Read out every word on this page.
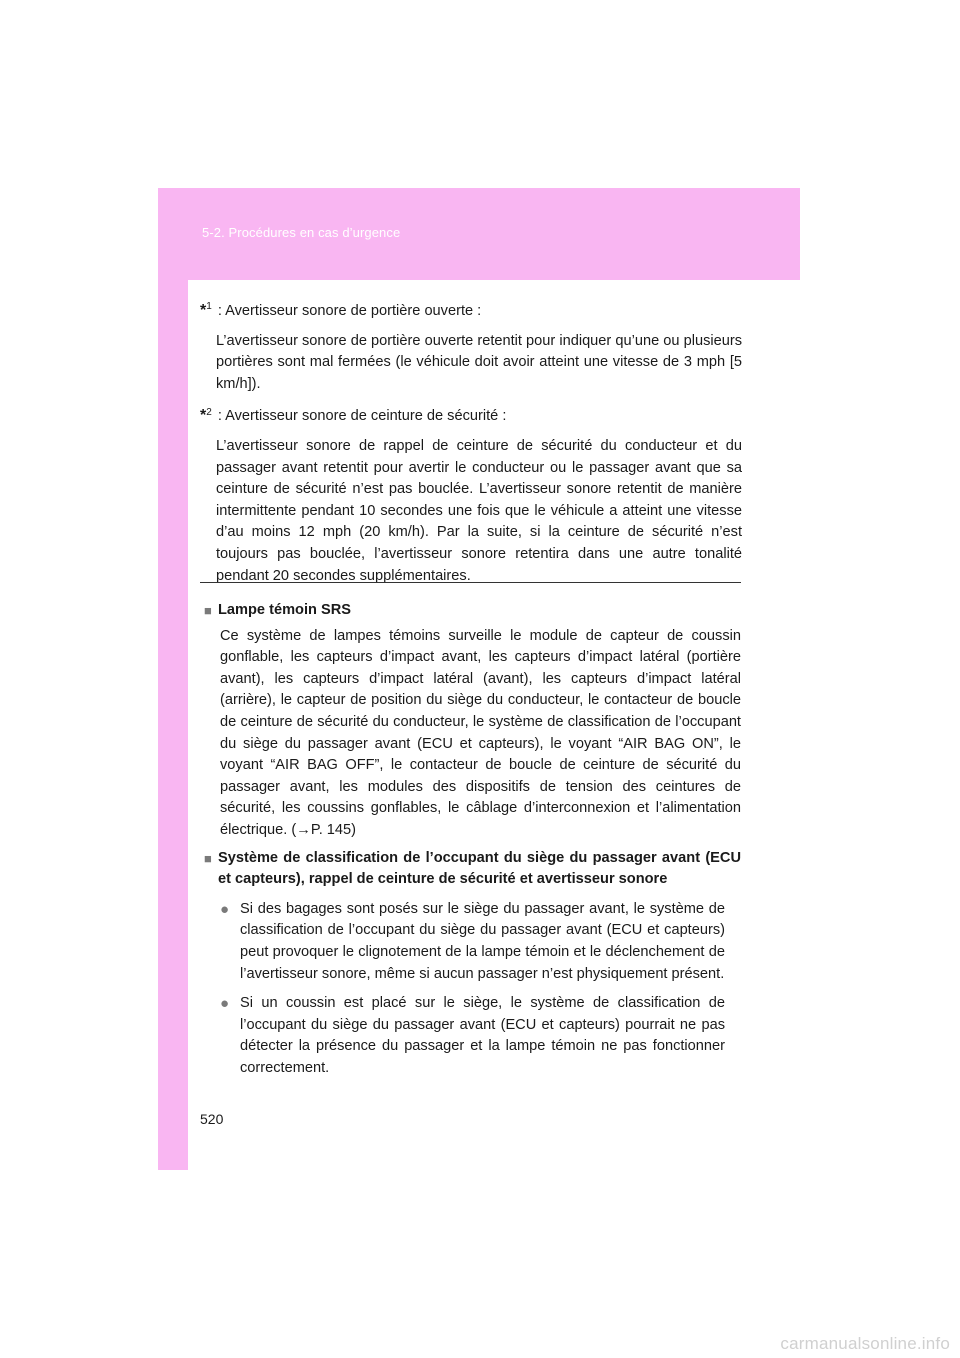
5-2. Procédures en cas d’urgence

*$^1$ : Avertisseur sonore de portière ouverte :

L’avertisseur sonore de portière ouverte retentit pour indiquer qu’une ou plusieurs portières sont mal fermées (le véhicule doit avoir atteint une vitesse de 3 mph [5 km/h]).

*$^2$ : Avertisseur sonore de ceinture de sécurité :

L’avertisseur sonore de rappel de ceinture de sécurité du conducteur et du passager avant retentit pour avertir le conducteur ou le passager avant que sa ceinture de sécurité n’est pas bouclée. L’avertisseur sonore retentit de manière intermittente pendant 10 secondes une fois que le véhicule a atteint une vitesse d’au moins 12 mph (20 km/h). Par la suite, si la ceinture de sécurité n’est toujours pas bouclée, l’avertisseur sonore retentira dans une autre tonalité pendant 20 secondes supplémentaires.

■ Lampe témoin SRS

Ce système de lampes témoins surveille le module de capteur de coussin gonflable, les capteurs d’impact avant, les capteurs d’impact latéral (portière avant), les capteurs d’impact latéral (avant), les capteurs d’impact latéral (arrière), le capteur de position du siège du conducteur, le contacteur de boucle de ceinture de sécurité du conducteur, le système de classification de l’occupant du siège du passager avant (ECU et capteurs), le voyant “AIR BAG ON”, le voyant “AIR BAG OFF”, le contacteur de boucle de ceinture de sécurité du passager avant, les modules des dispositifs de tension des ceintures de sécurité, les coussins gonflables, le câblage d’interconnexion et l’alimentation électrique. (→P. 145)

■ Système de classification de l’occupant du siège du passager avant (ECU et capteurs), rappel de ceinture de sécurité et avertisseur sonore
● Si des bagages sont posés sur le siège du passager avant, le système de classification de l’occupant du siège du passager avant (ECU et capteurs) peut provoquer le clignotement de la lampe témoin et le déclenchement de l’avertisseur sonore, même si aucun passager n’est physiquement présent.
● Si un coussin est placé sur le siège, le système de classification de l’occupant du siège du passager avant (ECU et capteurs) pourrait ne pas détecter la présence du passager et la lampe témoin ne pas fonctionner correctement.
520
carmanualsonline.info
